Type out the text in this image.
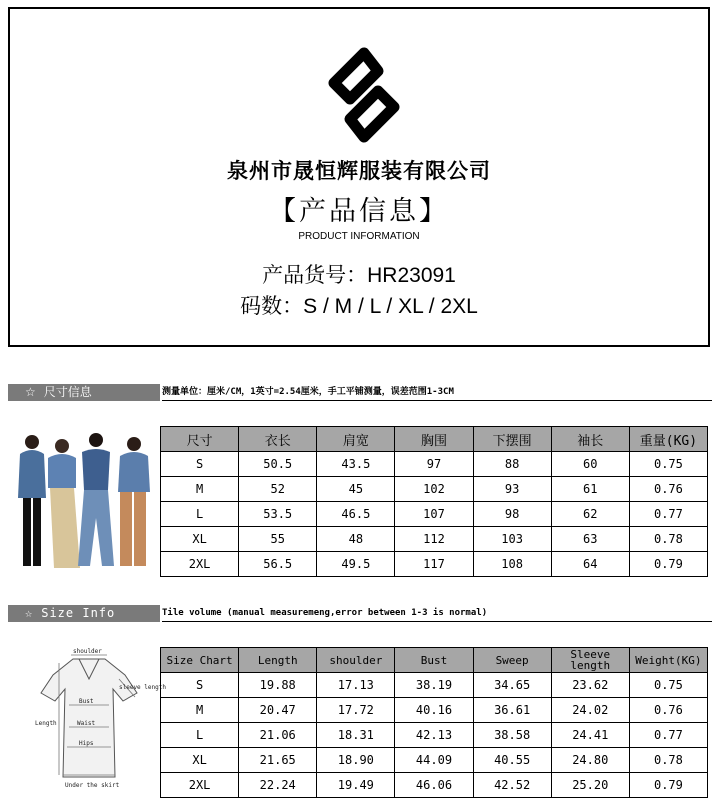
泉州市晟恒辉服装有限公司
【产品信息】
PRODUCT INFORMATION
产品货号：HR23091
码数：S / M / L / XL / 2XL
☆ 尺寸信息	测量单位：厘米/CM，1英寸=2.54厘米，手工平铺测量，误差范围1-3CM
尺寸	衣长	肩宽	胸围	下摆围	袖长	重量(KG)
S	50.5	43.5	97	88	60	0.75
M	52	45	102	93	61	0.76
L	53.5	46.5	107	98	62	0.77
XL	55	48	112	103	63	0.78
2XL	56.5	49.5	117	108	64	0.79
☆ Size Info	Tile volume (manual measuremeng,error between 1-3 is normal)
shoulder
sleeve length
Bust
Length	Waist
Hips
Under the skirt
Size Chart	Length	shoulder	Bust	Sweep	Sleeve length	Weight(KG)
S	19.88	17.13	38.19	34.65	23.62	0.75
M	20.47	17.72	40.16	36.61	24.02	0.76
L	21.06	18.31	42.13	38.58	24.41	0.77
XL	21.65	18.90	44.09	40.55	24.80	0.78
2XL	22.24	19.49	46.06	42.52	25.20	0.79
